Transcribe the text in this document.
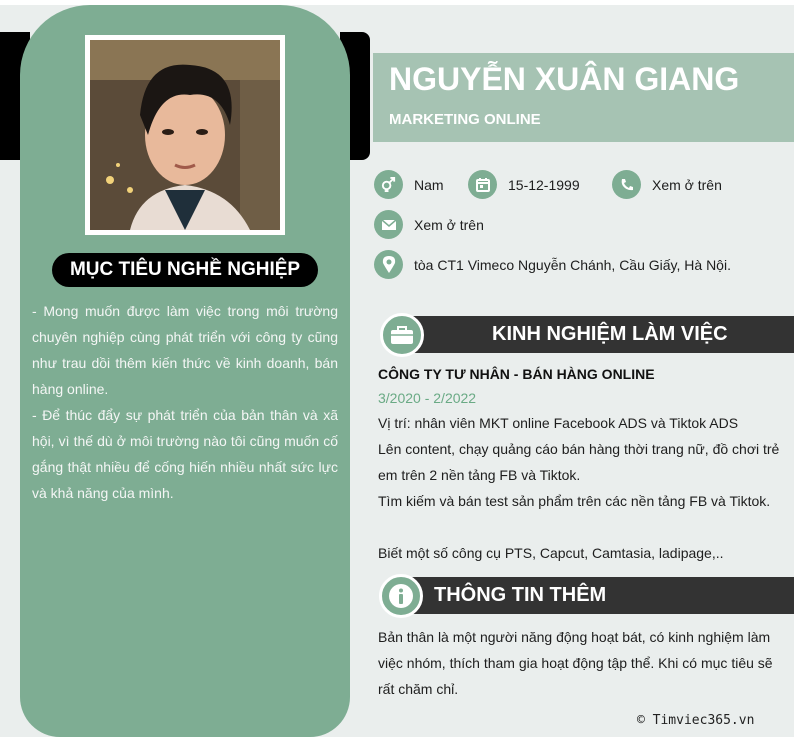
MỤC TIÊU NGHỀ NGHIỆP

- Mong muốn được làm việc trong môi trường chuyên nghiệp cùng phát triển với công ty cũng như trau dồi thêm kiến thức về kinh doanh, bán hàng online.

- Để thúc đẩy sự phát triển của bản thân và xã hội, vì thế dù ở môi trường nào tôi cũng muốn cố gắng thật nhiều để cống hiến nhiều nhất sức lực và khả năng của mình.

NGUYỄN XUÂN GIANG
MARKETING ONLINE
Nam	15-12-1999	Xem ở trên
Xem ở trên
tòa CT1 Vimeco Nguyễn Chánh, Cầu Giấy, Hà Nội.
KINH NGHIỆM LÀM VIỆC
CÔNG TY TƯ NHÂN - BÁN HÀNG ONLINE
3/2020 - 2/2022

Vị trí: nhân viên MKT online Facebook ADS và Tiktok ADS

Lên content, chạy quảng cáo bán hàng thời trang nữ, đồ chơi trẻ em trên 2 nền tảng FB và Tiktok.

Tìm kiếm và bán test sản phẩm trên các nền tảng FB và Tiktok.

Biết một số công cụ PTS, Capcut, Camtasia, ladipage,..

THÔNG TIN THÊM
Bản thân là một người năng động hoạt bát, có kinh nghiệm làm việc nhóm, thích tham gia hoạt động tập thể. Khi có mục tiêu sẽ rất chăm chỉ.
© Timviec365.vn
